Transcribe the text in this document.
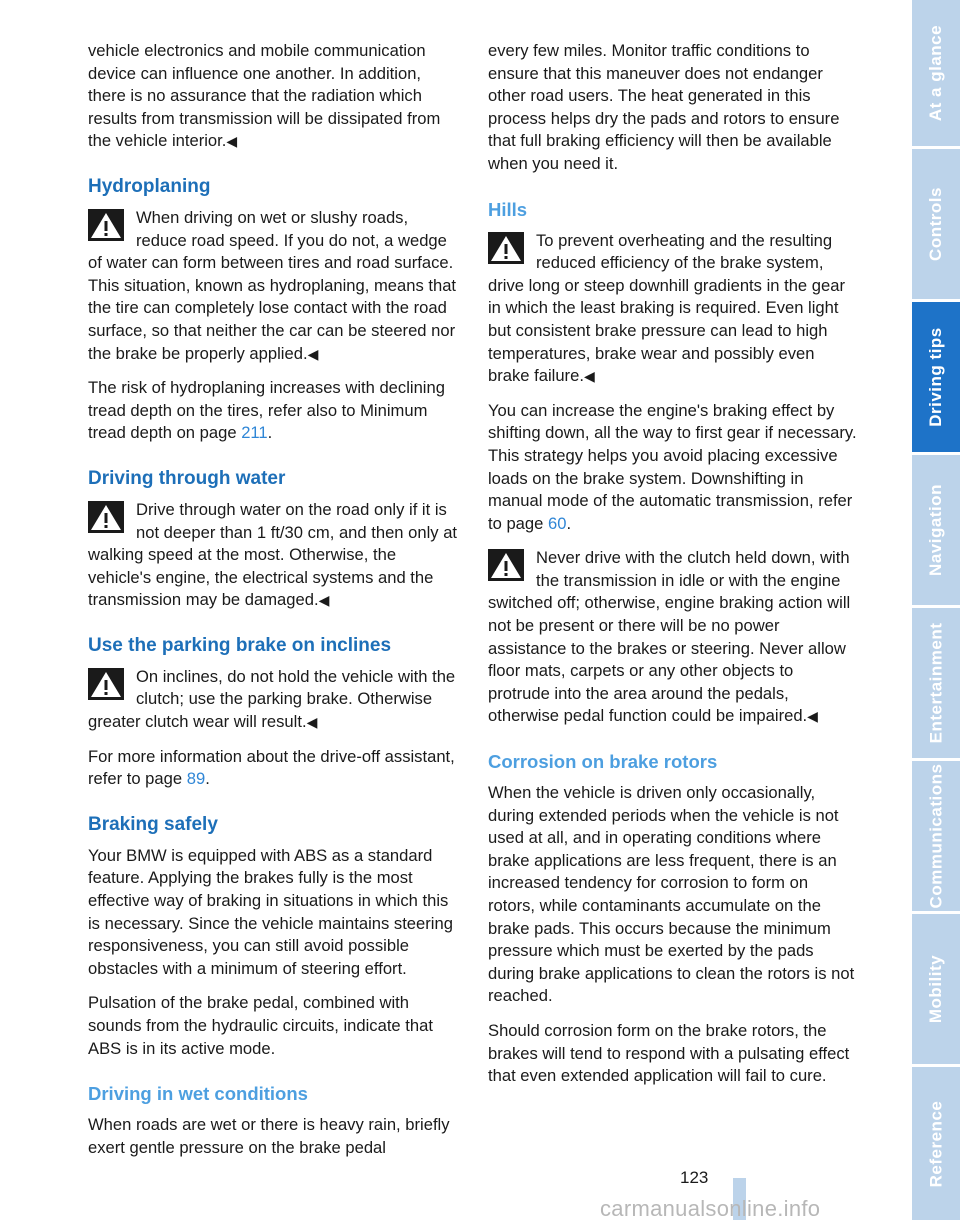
vehicle electronics and mobile communication device can influence one another. In addition, there is no assurance that the radiation which results from transmission will be dissipated from the vehicle interior.◀

Hydroplaning

When driving on wet or slushy roads, reduce road speed. If you do not, a wedge of water can form between tires and road surface. This situation, known as hydroplaning, means that the tire can completely lose contact with the road surface, so that neither the car can be steered nor the brake be properly applied.◀

The risk of hydroplaning increases with declining tread depth on the tires, refer also to Minimum tread depth on page 211.

Driving through water

Drive through water on the road only if it is not deeper than 1 ft/30 cm, and then only at walking speed at the most. Otherwise, the vehicle's engine, the electrical systems and the transmission may be damaged.◀

Use the parking brake on inclines

On inclines, do not hold the vehicle with the clutch; use the parking brake. Otherwise greater clutch wear will result.◀

For more information about the drive-off assistant, refer to page 89.

Braking safely

Your BMW is equipped with ABS as a standard feature. Applying the brakes fully is the most effective way of braking in situations in which this is necessary. Since the vehicle maintains steering responsiveness, you can still avoid possible obstacles with a minimum of steering effort.

Pulsation of the brake pedal, combined with sounds from the hydraulic circuits, indicate that ABS is in its active mode.

Driving in wet conditions

When roads are wet or there is heavy rain, briefly exert gentle pressure on the brake pedal

every few miles. Monitor traffic conditions to ensure that this maneuver does not endanger other road users. The heat generated in this process helps dry the pads and rotors to ensure that full braking efficiency will then be available when you need it.

Hills

To prevent overheating and the resulting reduced efficiency of the brake system, drive long or steep downhill gradients in the gear in which the least braking is required. Even light but consistent brake pressure can lead to high temperatures, brake wear and possibly even brake failure.◀

You can increase the engine's braking effect by shifting down, all the way to first gear if necessary. This strategy helps you avoid placing excessive loads on the brake system. Downshifting in manual mode of the automatic transmission, refer to page 60.

Never drive with the clutch held down, with the transmission in idle or with the engine switched off; otherwise, engine braking action will not be present or there will be no power assistance to the brakes or steering. Never allow floor mats, carpets or any other objects to protrude into the area around the pedals, otherwise pedal function could be impaired.◀

Corrosion on brake rotors

When the vehicle is driven only occasionally, during extended periods when the vehicle is not used at all, and in operating conditions where brake applications are less frequent, there is an increased tendency for corrosion to form on rotors, while contaminants accumulate on the brake pads. This occurs because the minimum pressure which must be exerted by the pads during brake applications to clean the rotors is not reached.

Should corrosion form on the brake rotors, the brakes will tend to respond with a pulsating effect that even extended application will fail to cure.

At a glance
Controls
Driving tips
Navigation
Entertainment
Communications
Mobility
Reference
123
carmanualsonline.info
